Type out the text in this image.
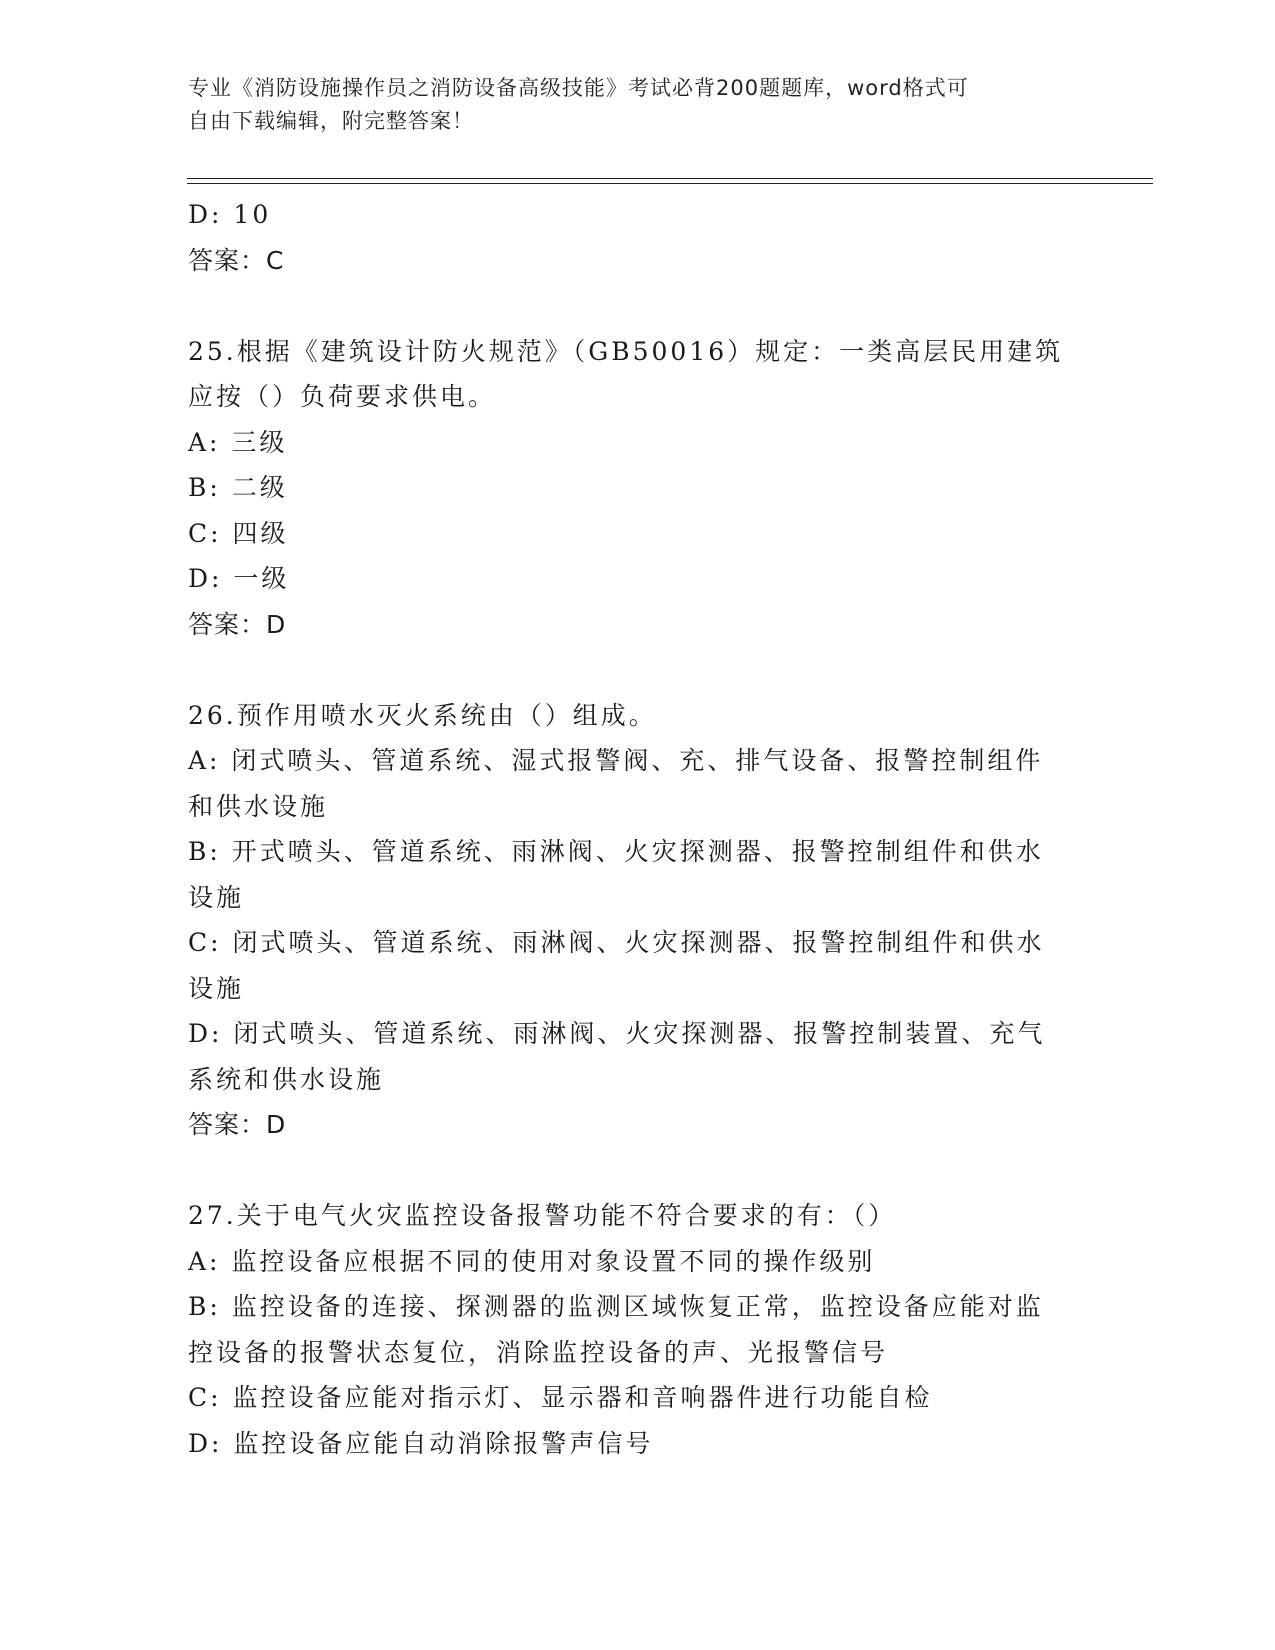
专业《消防设施操作员之消防设备高级技能》考试必背200题题库，word格式可
自由下载编辑，附完整答案！
D: 10
答案：C
25.根据《建筑设计防火规范》（GB50016）规定：一类高层民用建筑
应按（）负荷要求供电。
A: 三级
B: 二级
C: 四级
D: 一级
答案：D
26.预作用喷水灭火系统由（）组成。
A: 闭式喷头、管道系统、湿式报警阀、充、排气设备、报警控制组件
和供水设施
B: 开式喷头、管道系统、雨淋阀、火灾探测器、报警控制组件和供水
设施
C: 闭式喷头、管道系统、雨淋阀、火灾探测器、报警控制组件和供水
设施
D: 闭式喷头、管道系统、雨淋阀、火灾探测器、报警控制装置、充气
系统和供水设施
答案：D
27.关于电气火灾监控设备报警功能不符合要求的有：（）
A: 监控设备应根据不同的使用对象设置不同的操作级别
B: 监控设备的连接、探测器的监测区域恢复正常，监控设备应能对监
控设备的报警状态复位，消除监控设备的声、光报警信号
C: 监控设备应能对指示灯、显示器和音响器件进行功能自检
D: 监控设备应能自动消除报警声信号
